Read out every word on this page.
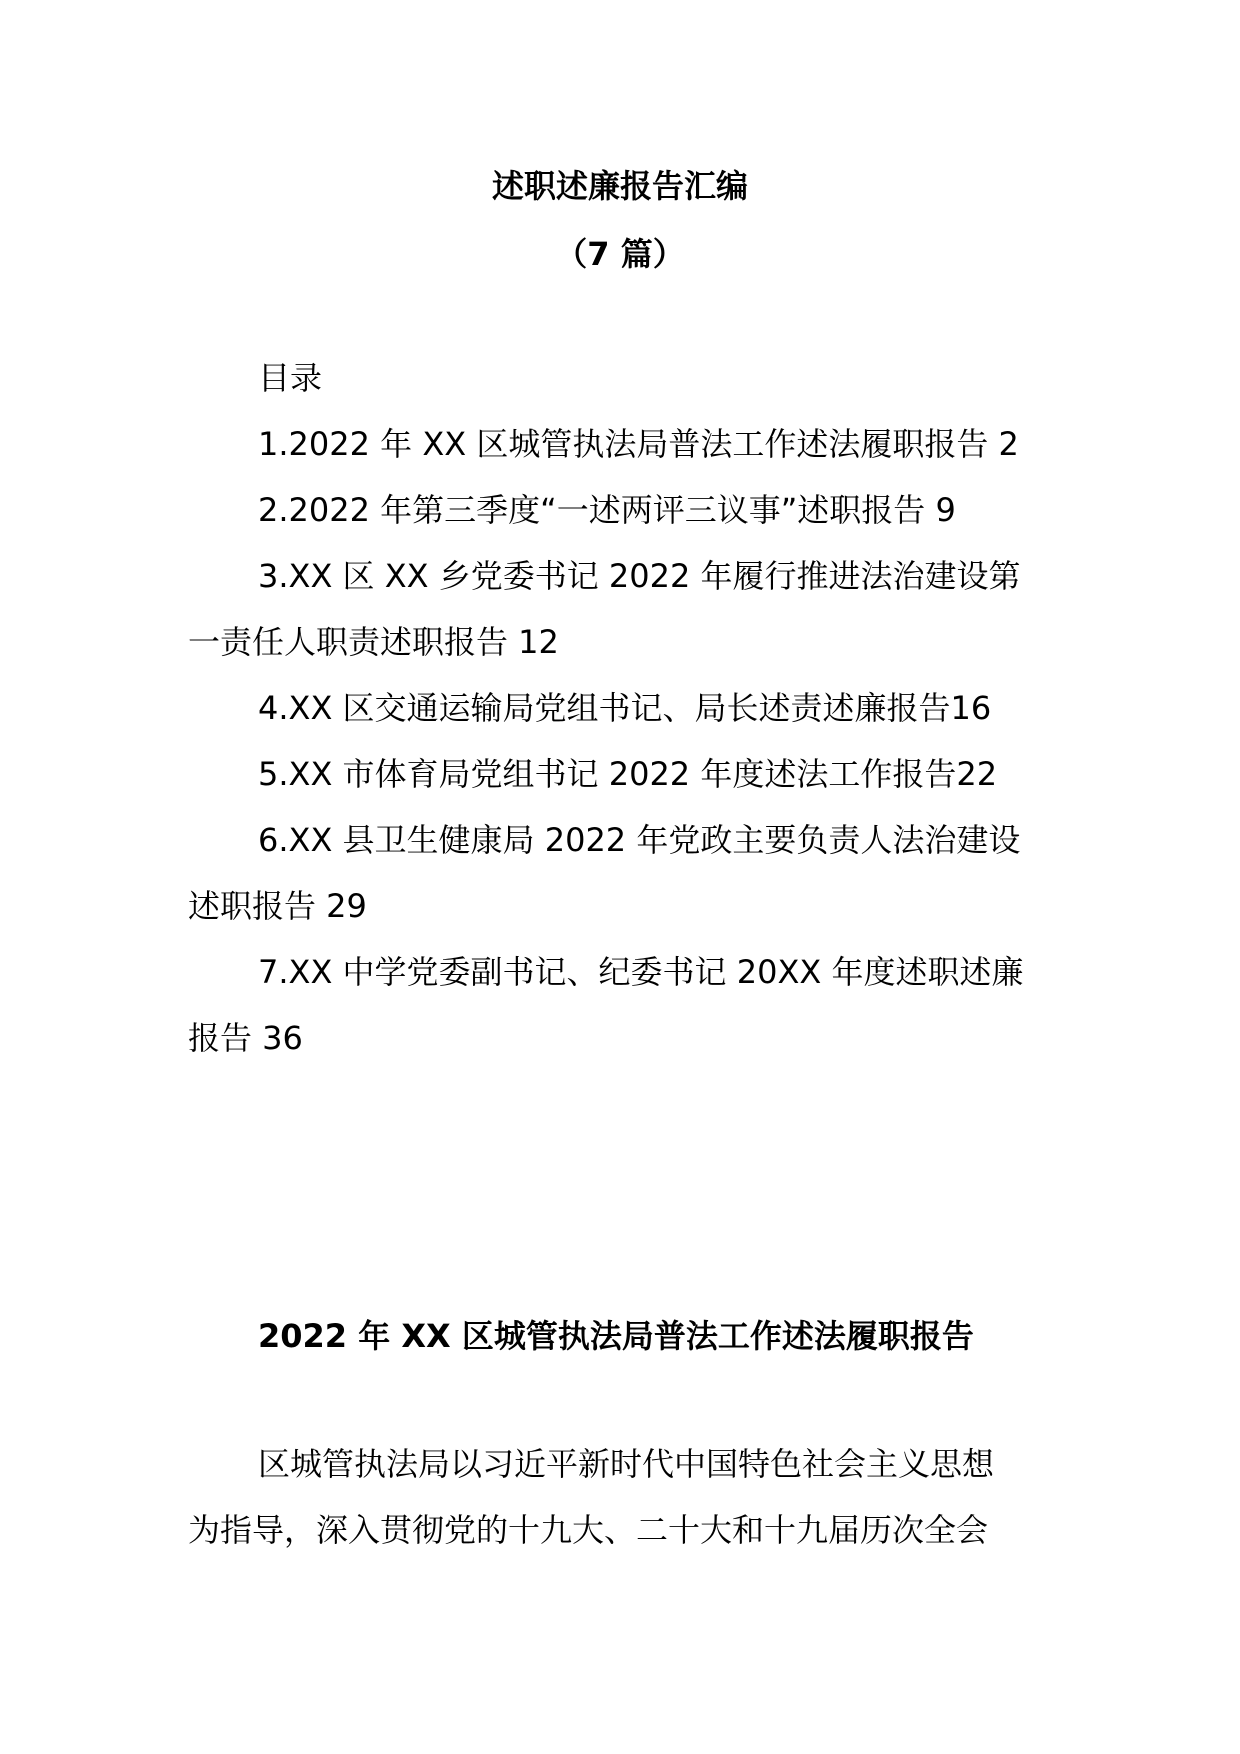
述职述廉报告汇编
（7 篇）
目录
1.2022 年 XX 区城管执法局普法工作述法履职报告 2
2.2022 年第三季度“一述两评三议事”述职报告 9
3.XX 区 XX 乡党委书记 2022 年履行推进法治建设第
一责任人职责述职报告 12
4.XX 区交通运输局党组书记、局长述责述廉报告16
5.XX 市体育局党组书记 2022 年度述法工作报告22
6.XX 县卫生健康局 2022 年党政主要负责人法治建设
述职报告 29
7.XX 中学党委副书记、纪委书记 20XX 年度述职述廉
报告 36
2022 年 XX 区城管执法局普法工作述法履职报告
区城管执法局以习近平新时代中国特色社会主义思想
为指导，深入贯彻党的十九大、二十大和十九届历次全会
